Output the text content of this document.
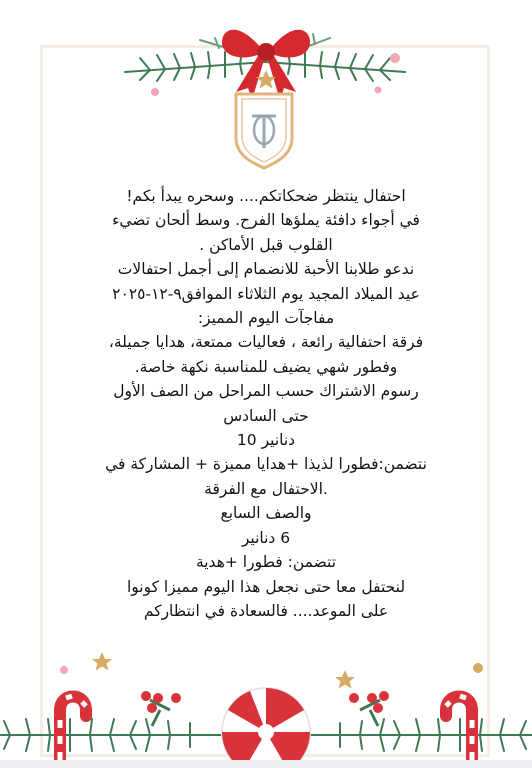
احتفال ينتظر ضحكاتكم.... وسحره يبدأ بكم!
في أجواء دافئة يملؤها الفرح. وسط ألحان تضيء
القلوب قبل الأماكن .
ندعو طلابنا الأحبة للانضمام إلى أجمل احتفالات
عيد الميلاد المجيد يوم الثلاثاء الموافق٩-١٢-٢٠٢٥
مفاجآت اليوم المميز:
فرقة احتفالية رائعة ، فعاليات ممتعة، هدايا جميلة،
وفطور شهي يضيف للمناسبة نكهة خاصة.
رسوم الاشتراك حسب المراحل من الصف الأول
حتى السادس
دنانير 10
نتضمن:فطورا لذيذا +هدايا مميزة + المشاركة في
.الاحتفال مع الفرقة
والصف السابع
6 دنانير
تتضمن: فطورا +هدية
لنحتفل معا حتى نجعل هذا اليوم مميزا كونوا
على الموعد.... فالسعادة في انتظاركم
